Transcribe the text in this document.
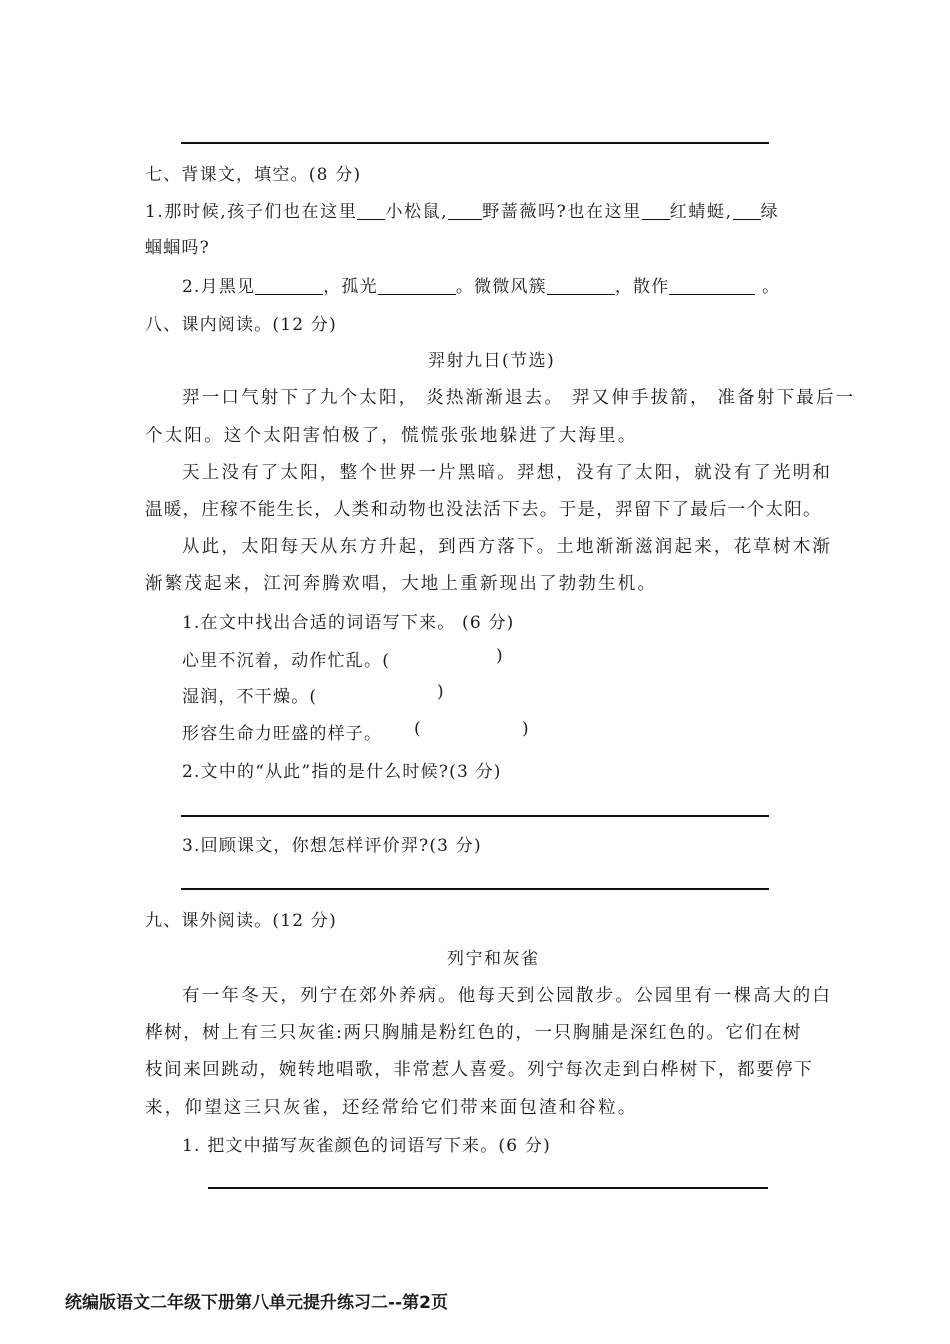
七、背课文，填空。(8 分)
1.那时候,孩子们也在这里 小松鼠, 野蔷薇吗?也在这里 红蜻蜓, 绿
蝈蝈吗?
2.月黑见	，孤光	。微微风簇	，散作	。
八、课内阅读。(12 分)
羿射九日(节选)
羿一口气射下了九个太阳， 炎热渐渐退去。 羿又伸手拔箭， 准备射下最后一
个太阳。这个太阳害怕极了，慌慌张张地躲进了大海里。
天上没有了太阳，整个世界一片黑暗。羿想，没有了太阳，就没有了光明和
温暖，庄稼不能生长，人类和动物也没法活下去。于是，羿留下了最后一个太阳。
从此，太阳每天从东方升起，到西方落下。土地渐渐滋润起来，花草树木渐
渐繁茂起来，江河奔腾欢唱，大地上重新现出了勃勃生机。
1.在文中找出合适的词语写下来。 (6 分)
心里不沉着，动作忙乱。(	)
湿润，不干燥。(	)
形容生命力旺盛的样子。 (	)
2.文中的“从此”指的是什么时候?(3 分)
3.回顾课文，你想怎样评价羿?(3 分)
九、课外阅读。(12 分)
列宁和灰雀
有一年冬天，列宁在郊外养病。他每天到公园散步。公园里有一棵高大的白
桦树，树上有三只灰雀:两只胸脯是粉红色的，一只胸脯是深红色的。它们在树
枝间来回跳动，婉转地唱歌，非常惹人喜爱。列宁每次走到白桦树下，都要停下
来，仰望这三只灰雀，还经常给它们带来面包渣和谷粒。
1. 把文中描写灰雀颜色的词语写下来。(6 分)
统编版语文二年级下册第八单元提升练习二--第2页
